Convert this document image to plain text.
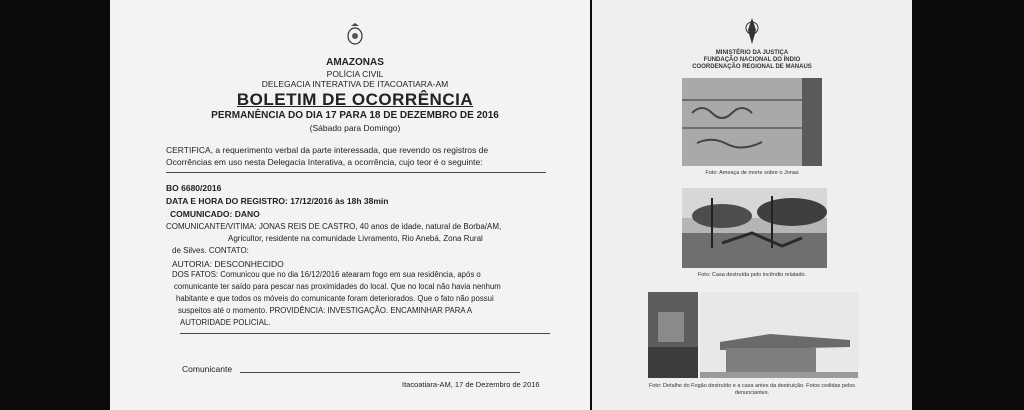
AMAZONAS
POLÍCIA CIVIL
DELEGACIA INTERATIVA DE ITACOATIARA-AM
BOLETIM DE OCORRÊNCIA
PERMANÊNCIA DO DIA 17 PARA 18 DE DEZEMBRO DE 2016
(Sábado para Domingo)
CERTIFICA, a requerimento verbal da parte interessada, que revendo os registros de
Ocorrências em uso nesta Delegacia Interativa, a ocorrência, cujo teor é o seguinte:
BO 6680/2016
DATA E HORA DO REGISTRO: 17/12/2016 às 18h 38min
COMUNICADO: DANO
COMUNICANTE/VITIMA: JONAS REIS DE CASTRO, 40 anos de idade, natural de Borba/AM,
Agricultor, residente na comunidade Livramento, Rio Anebá, Zona Rural
de Silves. CONTATO:
AUTORIA: DESCONHECIDO
DOS FATOS: Comunicou que no dia 16/12/2016 atearam fogo em sua residência, após o
comunicante ter saído para pescar nas proximidades do local. Que no local não havia nenhum
habitante e que todos os móveis do comunicante foram deteriorados. Que o fato não possui
suspeitos até o momento. PROVIDÊNCIA: INVESTIGAÇÃO. ENCAMINHAR PARA A
AUTORIDADE POLICIAL.
Comunicante
Itacoatiara-AM, 17 de Dezembro de 2016
MINISTÉRIO DA JUSTIÇA
FUNDAÇÃO NACIONAL DO ÍNDIO
COORDENAÇÃO REGIONAL DE MANAUS
Foto: Ameaça de morte sobre o Jonas
Foto: Casa destruída pelo incêndio relatado.
Foto: Detalhe do Fogão destruído e a casa antes da destruição. Fotos cedidas pelos
denunciantes.
